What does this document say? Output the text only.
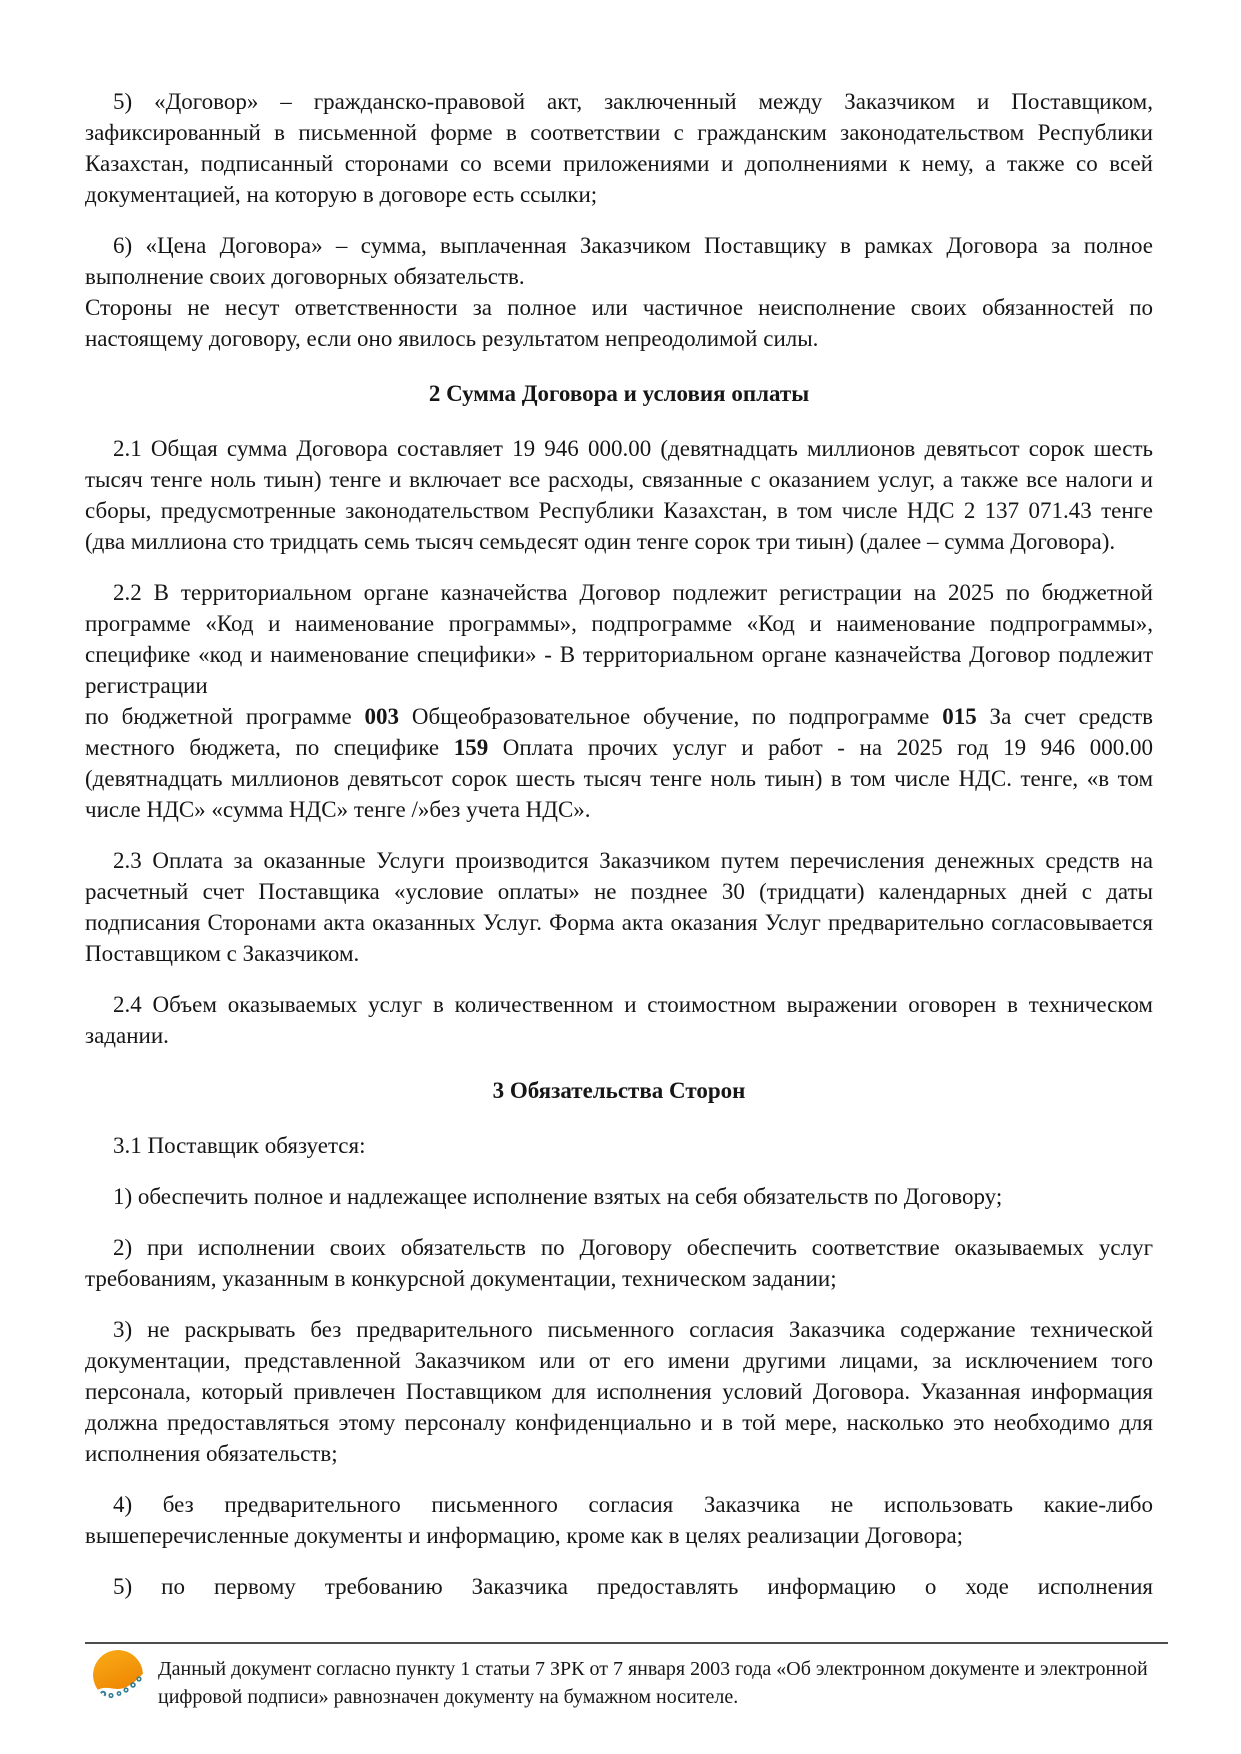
5) «Договор» – гражданско-правовой акт, заключенный между Заказчиком и Поставщиком, зафиксированный в письменной форме в соответствии с гражданским законодательством Республики Казахстан, подписанный сторонами со всеми приложениями и дополнениями к нему, а также со всей документацией, на которую в договоре есть ссылки;

6) «Цена Договора» – сумма, выплаченная Заказчиком Поставщику в рамках Договора за полное выполнение своих договорных обязательств.

Стороны не несут ответственности за полное или частичное неисполнение своих обязанностей по настоящему договору, если оно явилось результатом непреодолимой силы.

2 Сумма Договора и условия оплаты

2.1 Общая сумма Договора составляет 19 946 000.00 (девятнадцать миллионов девятьсот сорок шесть тысяч тенге ноль тиын) тенге и включает все расходы, связанные с оказанием услуг, а также все налоги и сборы, предусмотренные законодательством Республики Казахстан, в том числе НДС 2 137 071.43 тенге (два миллиона сто тридцать семь тысяч семьдесят один тенге сорок три тиын) (далее – сумма Договора).

2.2 В территориальном органе казначейства Договор подлежит регистрации на 2025 по бюджетной программе «Код и наименование программы», подпрограмме «Код и наименование подпрограммы», специфике «код и наименование специфики» - В территориальном органе казначейства Договор подлежит регистрации

по бюджетной программе 003 Общеобразовательное обучение, по подпрограмме 015 За счет средств местного бюджета, по специфике 159 Оплата прочих услуг и работ - на 2025 год 19 946 000.00 (девятнадцать миллионов девятьсот сорок шесть тысяч тенге ноль тиын) в том числе НДС. тенге, «в том числе НДС» «сумма НДС» тенге /»без учета НДС».

2.3 Оплата за оказанные Услуги производится Заказчиком путем перечисления денежных средств на расчетный счет Поставщика «условие оплаты» не позднее 30 (тридцати) календарных дней с даты подписания Сторонами акта оказанных Услуг. Форма акта оказания Услуг предварительно согласовывается Поставщиком с Заказчиком.

2.4 Объем оказываемых услуг в количественном и стоимостном выражении оговорен в техническом задании.

3 Обязательства Сторон

3.1 Поставщик обязуется:

1) обеспечить полное и надлежащее исполнение взятых на себя обязательств по Договору;

2) при исполнении своих обязательств по Договору обеспечить соответствие оказываемых услуг требованиям, указанным в конкурсной документации, техническом задании;

3) не раскрывать без предварительного письменного согласия Заказчика содержание технической документации, представленной Заказчиком или от его имени другими лицами, за исключением того персонала, который привлечен Поставщиком для исполнения условий Договора. Указанная информация должна предоставляться этому персоналу конфиденциально и в той мере, насколько это необходимо для исполнения обязательств;

4) без предварительного письменного согласия Заказчика не использовать какие-либо вышеперечисленные документы и информацию, кроме как в целях реализации Договора;

5) по первому требованию Заказчика предоставлять информацию о ходе исполнения

Данный документ согласно пункту 1 статьи 7 ЗРК от 7 января 2003 года «Об электронном документе и электронной цифровой подписи» равнозначен документу на бумажном носителе.
